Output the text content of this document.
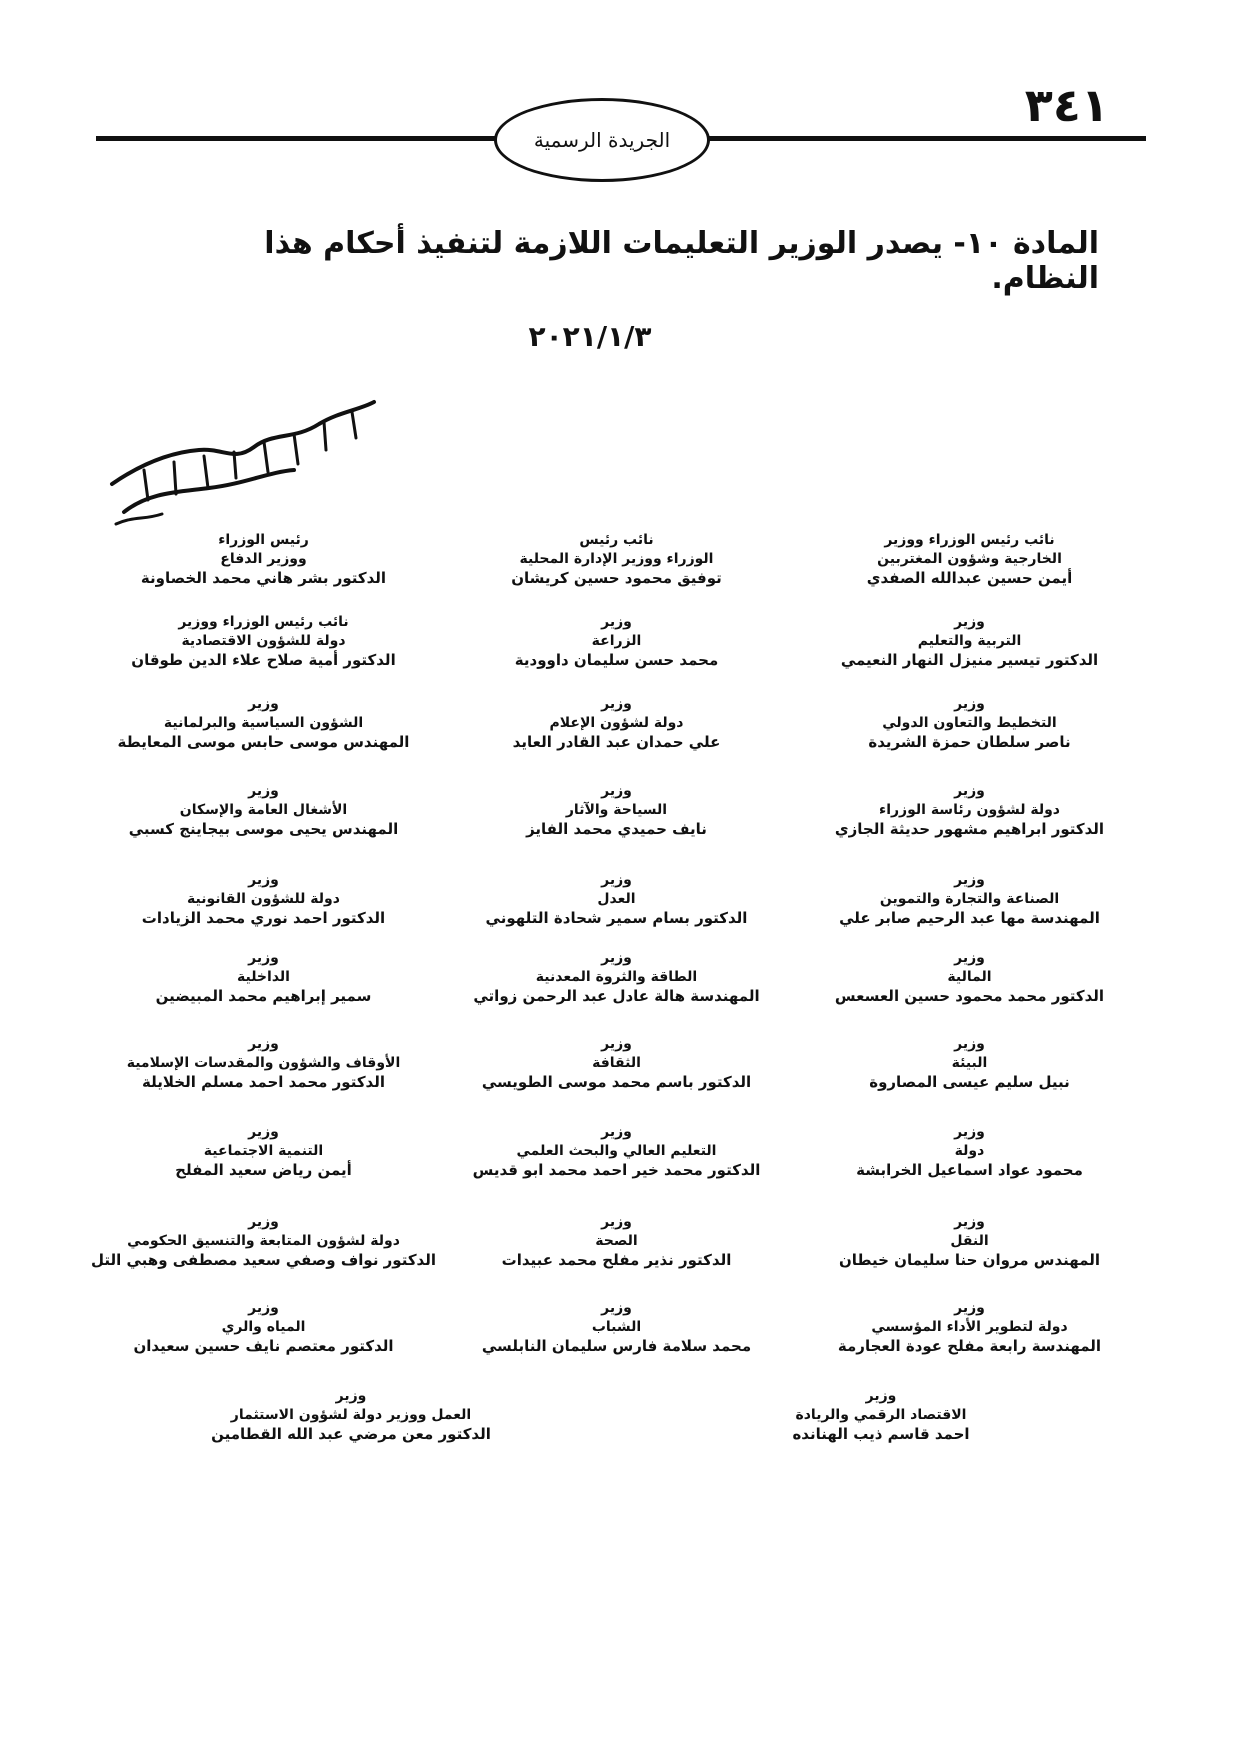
٣٤١
الجريدة الرسمية
المادة ١٠- يصدر الوزير التعليمات اللازمة لتنفيذ أحكام هذا النظام.
٢٠٢١/١/٣
نائب رئيس الوزراء ووزير
الخارجية وشؤون المغتربين
أيمن حسين عبدالله الصفدي
نائب رئيس
الوزراء ووزير الإدارة المحلية
توفيق محمود حسين كريشان
رئيس الوزراء
ووزير الدفاع
الدكتور بشر هاني محمد الخصاونة
وزير
التربية والتعليم
الدكتور تيسير منيزل النهار النعيمي
وزير
الزراعة
محمد حسن سليمان داوودية
نائب رئيس الوزراء ووزير
دولة للشؤون الاقتصادية
الدكتور أمية صلاح علاء الدين طوقان
وزير
التخطيط والتعاون الدولي
ناصر سلطان حمزة الشريدة
وزير
دولة لشؤون الإعلام
علي حمدان عبد القادر العايد
وزير
الشؤون السياسية والبرلمانية
المهندس موسى حابس موسى المعايطة
وزير
دولة لشؤون رئاسة الوزراء
الدكتور ابراهيم مشهور حديثة الجازي
وزير
السياحة والآثار
نايف حميدي محمد الفايز
وزير
الأشغال العامة والإسكان
المهندس يحيى موسى بيجاينج كسبي
وزير
الصناعة والتجارة والتموين
المهندسة مها عبد الرحيم صابر علي
وزير
العدل
الدكتور بسام سمير شحادة التلهوني
وزير
دولة للشؤون القانونية
الدكتور احمد نوري محمد الزيادات
وزير
المالية
الدكتور محمد محمود حسين العسعس
وزير
الطاقة والثروة المعدنية
المهندسة هالة عادل عبد الرحمن زواتي
وزير
الداخلية
سمير إبراهيم محمد المبيضين
وزير
البيئة
نبيل سليم عيسى المصاروة
وزير
الثقافة
الدكتور باسم محمد موسى الطويسي
وزير
الأوقاف والشؤون والمقدسات الإسلامية
الدكتور محمد احمد مسلم الخلايلة
وزير
دولة
محمود عواد اسماعيل الخرابشة
وزير
التعليم العالي والبحث العلمي
الدكتور محمد خير احمد محمد ابو قديس
وزير
التنمية الاجتماعية
أيمن رياض سعيد المفلح
وزير
النقل
المهندس مروان حنا سليمان خيطان
وزير
الصحة
الدكتور نذير مفلح محمد عبيدات
وزير
دولة لشؤون المتابعة والتنسيق الحكومي
الدكتور نواف وصفي سعيد مصطفى وهبي التل
وزير
دولة لتطوير الأداء المؤسسي
المهندسة رابعة مفلح عودة العجارمة
وزير
الشباب
محمد سلامة فارس سليمان النابلسي
وزير
المياه والري
الدكتور معتصم نايف حسين سعيدان
وزير
الاقتصاد الرقمي والريادة
احمد قاسم ذيب الهنانده
وزير
العمل ووزير دولة لشؤون الاستثمار
الدكتور معن مرضي عبد الله القطامين
